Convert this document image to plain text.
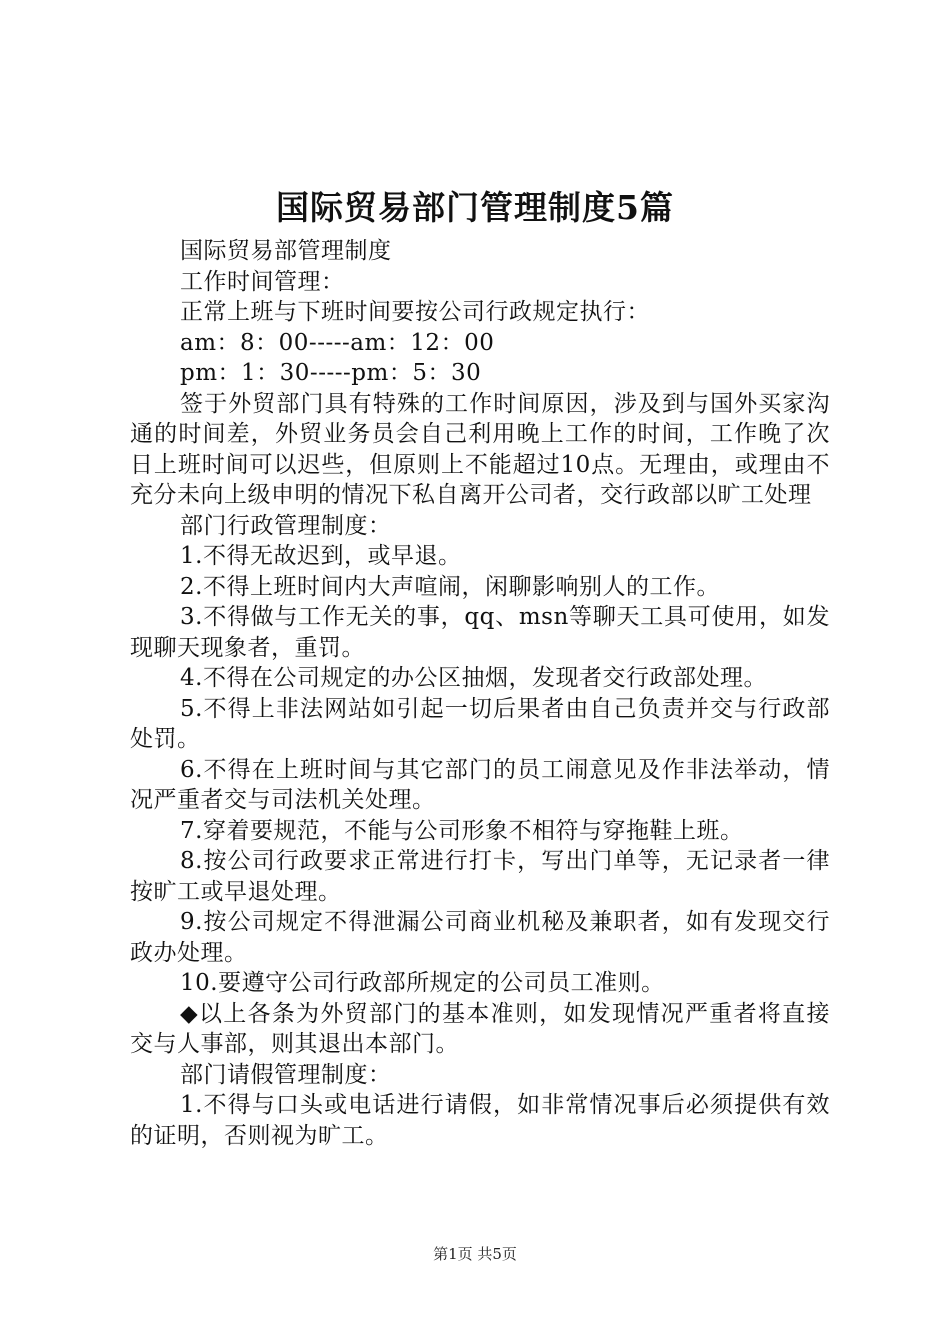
国际贸易部门管理制度5篇

国际贸易部管理制度

工作时间管理：

正常上班与下班时间要按公司行政规定执行：

am：8：00-----am：12：00

pm：1：30-----pm：5：30

签于外贸部门具有特殊的工作时间原因，涉及到与国外买家沟通的时间差，外贸业务员会自己利用晚上工作的时间，工作晚了次日上班时间可以迟些，但原则上不能超过10点。无理由，或理由不充分未向上级申明的情况下私自离开公司者，交行政部以旷工处理

部门行政管理制度：

1.不得无故迟到，或早退。

2.不得上班时间内大声喧闹，闲聊影响别人的工作。

3.不得做与工作无关的事，qq、msn等聊天工具可使用，如发现聊天现象者，重罚。

4.不得在公司规定的办公区抽烟，发现者交行政部处理。

5.不得上非法网站如引起一切后果者由自己负责并交与行政部处罚。

6.不得在上班时间与其它部门的员工闹意见及作非法举动，情况严重者交与司法机关处理。

7.穿着要规范，不能与公司形象不相符与穿拖鞋上班。

8.按公司行政要求正常进行打卡，写出门单等，无记录者一律按旷工或早退处理。

9.按公司规定不得泄漏公司商业机秘及兼职者，如有发现交行政办处理。

10.要遵守公司行政部所规定的公司员工准则。

◆以上各条为外贸部门的基本准则，如发现情况严重者将直接交与人事部，则其退出本部门。

部门请假管理制度：

1.不得与口头或电话进行请假，如非常情况事后必须提供有效的证明，否则视为旷工。

第1页 共5页
